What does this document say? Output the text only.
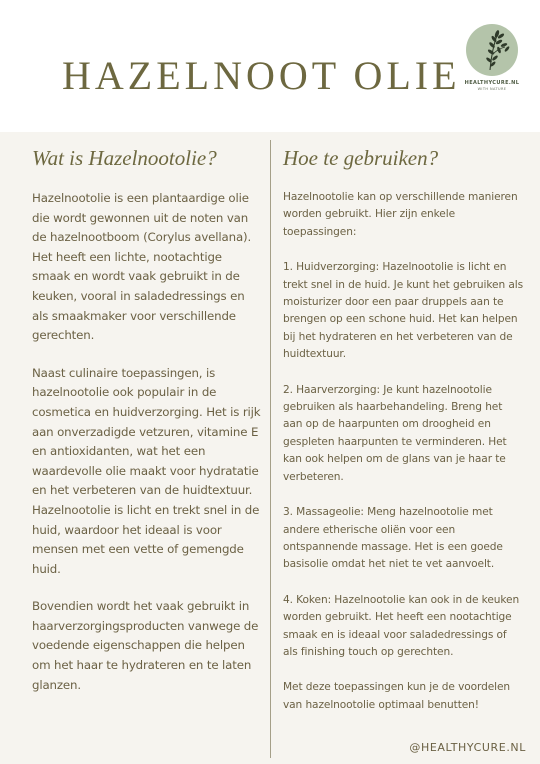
HAZELNOOT OLIE HEALTHYCURE.NL
WITH NATURE
Wat is Hazelnootolie?

Hazelnootolie is een plantaardige olie die wordt gewonnen uit de noten van de hazelnootboom (Corylus avellana). Het heeft een lichte, nootachtige smaak en wordt vaak gebruikt in de keuken, vooral in saladedressings en als smaakmaker voor verschillende gerechten.

Naast culinaire toepassingen, is hazelnootolie ook populair in de cosmetica en huidverzorging. Het is rijk aan onverzadigde vetzuren, vitamine E en antioxidanten, wat het een waardevolle olie maakt voor hydratatie en het verbeteren van de huidtextuur. Hazelnootolie is licht en trekt snel in de huid, waardoor het ideaal is voor mensen met een vette of gemengde huid.

Bovendien wordt het vaak gebruikt in haarverzorgingsproducten vanwege de voedende eigenschappen die helpen om het haar te hydrateren en te laten glanzen.

Hoe te gebruiken?

Hazelnootolie kan op verschillende manieren worden gebruikt. Hier zijn enkele toepassingen:

1. Huidverzorging: Hazelnootolie is licht en trekt snel in de huid. Je kunt het gebruiken als moisturizer door een paar druppels aan te brengen op een schone huid. Het kan helpen bij het hydrateren en het verbeteren van de huidtextuur.

2. Haarverzorging: Je kunt hazelnootolie gebruiken als haarbehandeling. Breng het aan op de haarpunten om droogheid en gespleten haarpunten te verminderen. Het kan ook helpen om de glans van je haar te verbeteren.

3. Massageolie: Meng hazelnootolie met andere etherische oliën voor een ontspannende massage. Het is een goede basisolie omdat het niet te vet aanvoelt.

4. Koken: Hazelnootolie kan ook in de keuken worden gebruikt. Het heeft een nootachtige smaak en is ideaal voor saladedressings of als finishing touch op gerechten.

Met deze toepassingen kun je de voordelen van hazelnootolie optimaal benutten!

@HEALTHYCURE.NL
